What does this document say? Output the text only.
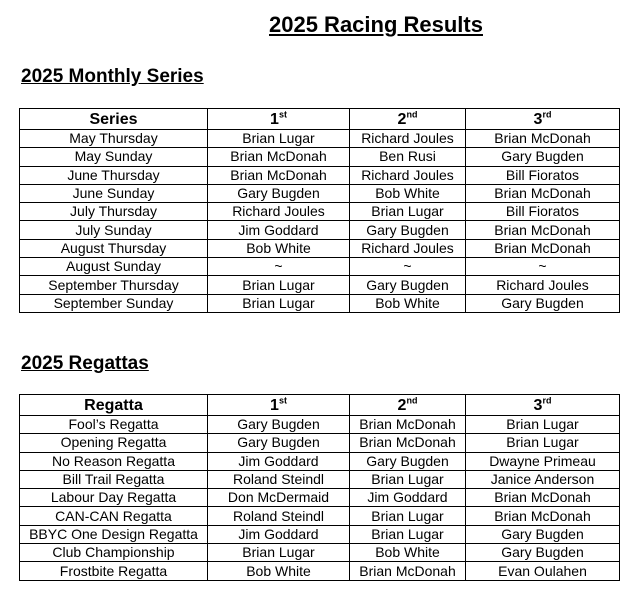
2025 Racing Results
2025 Monthly Series
Series	1st	2nd	3rd
May Thursday	Brian Lugar	Richard Joules	Brian McDonah
May Sunday	Brian McDonah	Ben Rusi	Gary Bugden
June Thursday	Brian McDonah	Richard Joules	Bill Fioratos
June Sunday	Gary Bugden	Bob White	Brian McDonah
July Thursday	Richard Joules	Brian Lugar	Bill Fioratos
July Sunday	Jim Goddard	Gary Bugden	Brian McDonah
August Thursday	Bob White	Richard Joules	Brian McDonah
August Sunday	~	~	~
September Thursday	Brian Lugar	Gary Bugden	Richard Joules
September Sunday	Brian Lugar	Bob White	Gary Bugden
2025 Regattas
Regatta	1st	2nd	3rd
Fool’s Regatta	Gary Bugden	Brian McDonah	Brian Lugar
Opening Regatta	Gary Bugden	Brian McDonah	Brian Lugar
No Reason Regatta	Jim Goddard	Gary Bugden	Dwayne Primeau
Bill Trail Regatta	Roland Steindl	Brian Lugar	Janice Anderson
Labour Day Regatta	Don McDermaid	Jim Goddard	Brian McDonah
CAN-CAN Regatta	Roland Steindl	Brian Lugar	Brian McDonah
BBYC One Design Regatta	Jim Goddard	Brian Lugar	Gary Bugden
Club Championship	Brian Lugar	Bob White	Gary Bugden
Frostbite Regatta	Bob White	Brian McDonah	Evan Oulahen
